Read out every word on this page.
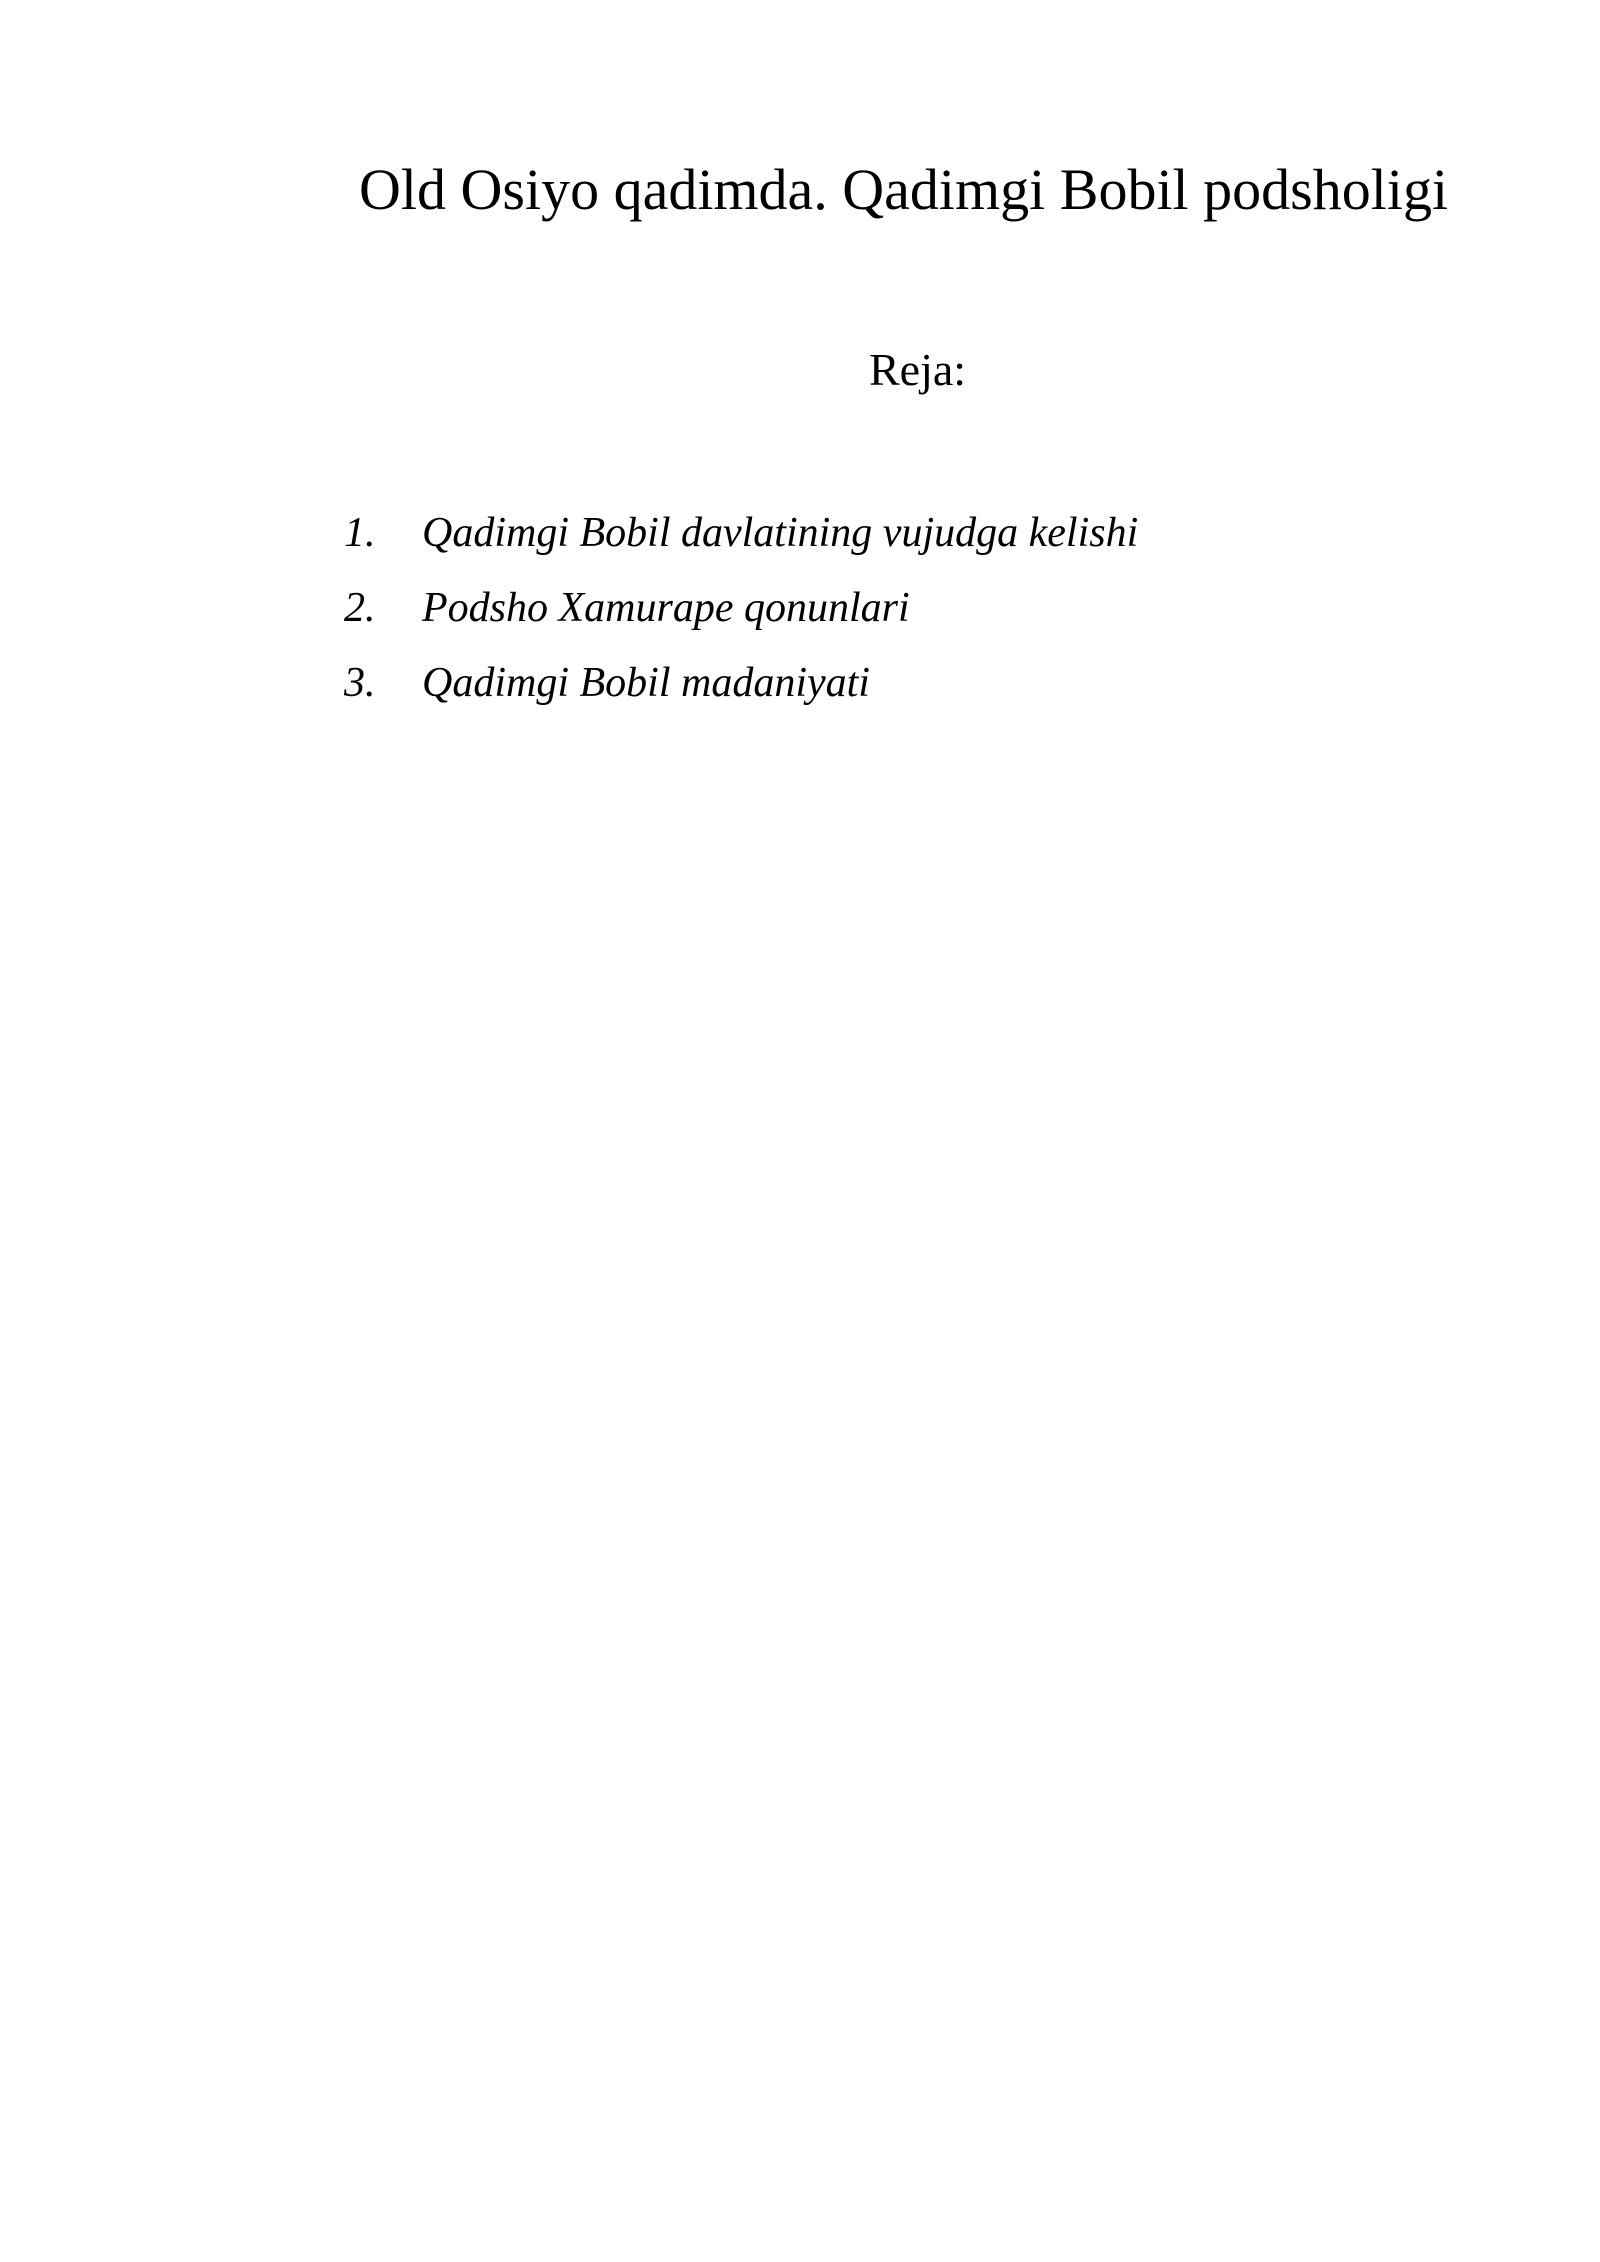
Old Osiyo qadimda. Qadimgi Bobil podsholigi
Reja:
1. Qadimgi Bobil davlatining vujudga kelishi
2. Podsho Xamurape qonunlari
3. Qadimgi Bobil madaniyati
